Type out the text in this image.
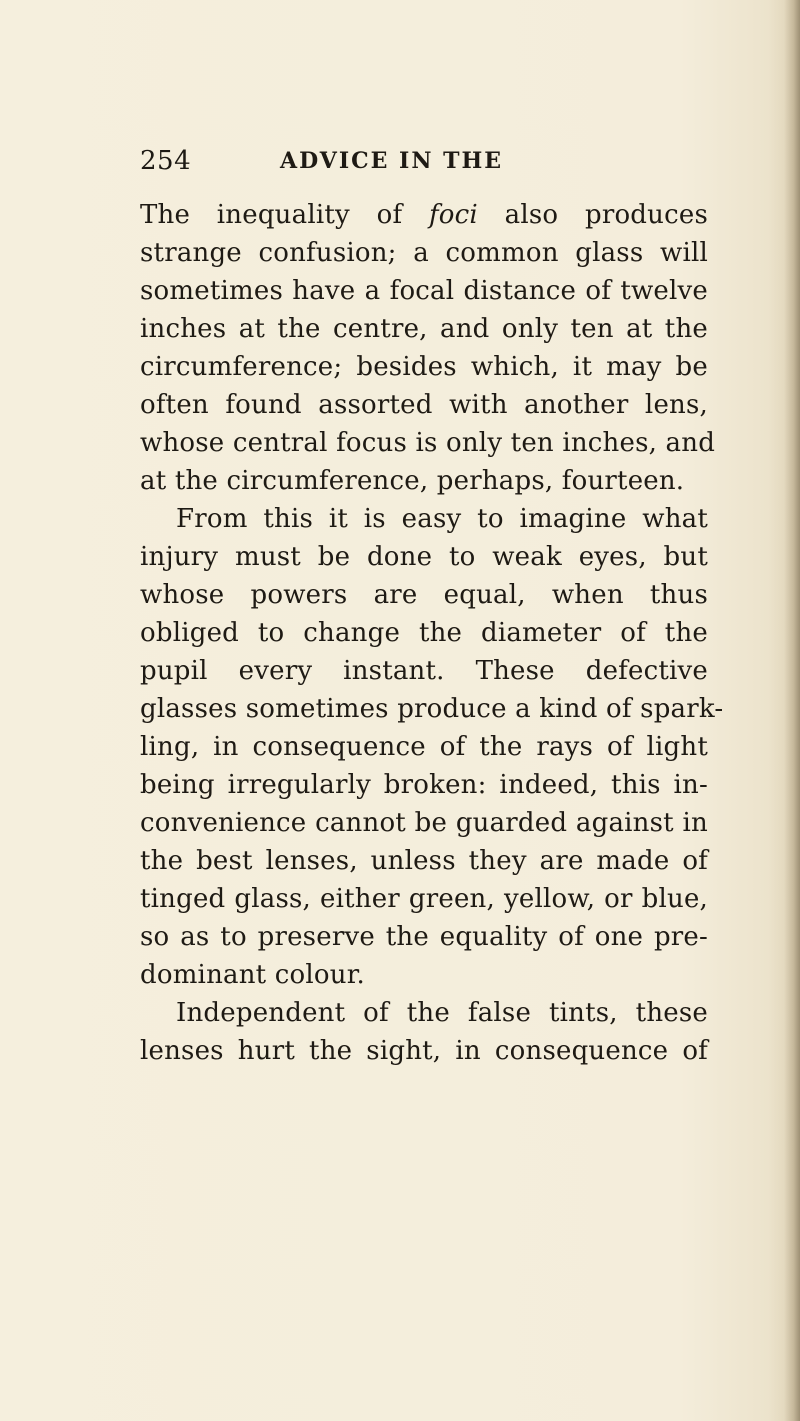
254	ADVICE IN THE
The inequality of foci also produces
strange confusion; a common glass will
sometimes have a focal distance of twelve
inches at the centre, and only ten at the
circumference; besides which, it may be
often found assorted with another lens,
whose central focus is only ten inches, and
at the circumference, perhaps, fourteen.
From this it is easy to imagine what
injury must be done to weak eyes, but
whose powers are equal, when thus
obliged to change the diameter of the
pupil every instant. These defective
glasses sometimes produce a kind of spark-
ling, in consequence of the rays of light
being irregularly broken: indeed, this in-
convenience cannot be guarded against in
the best lenses, unless they are made of
tinged glass, either green, yellow, or blue,
so as to preserve the equality of one pre-
dominant colour.
Independent of the false tints, these
lenses hurt the sight, in consequence of
